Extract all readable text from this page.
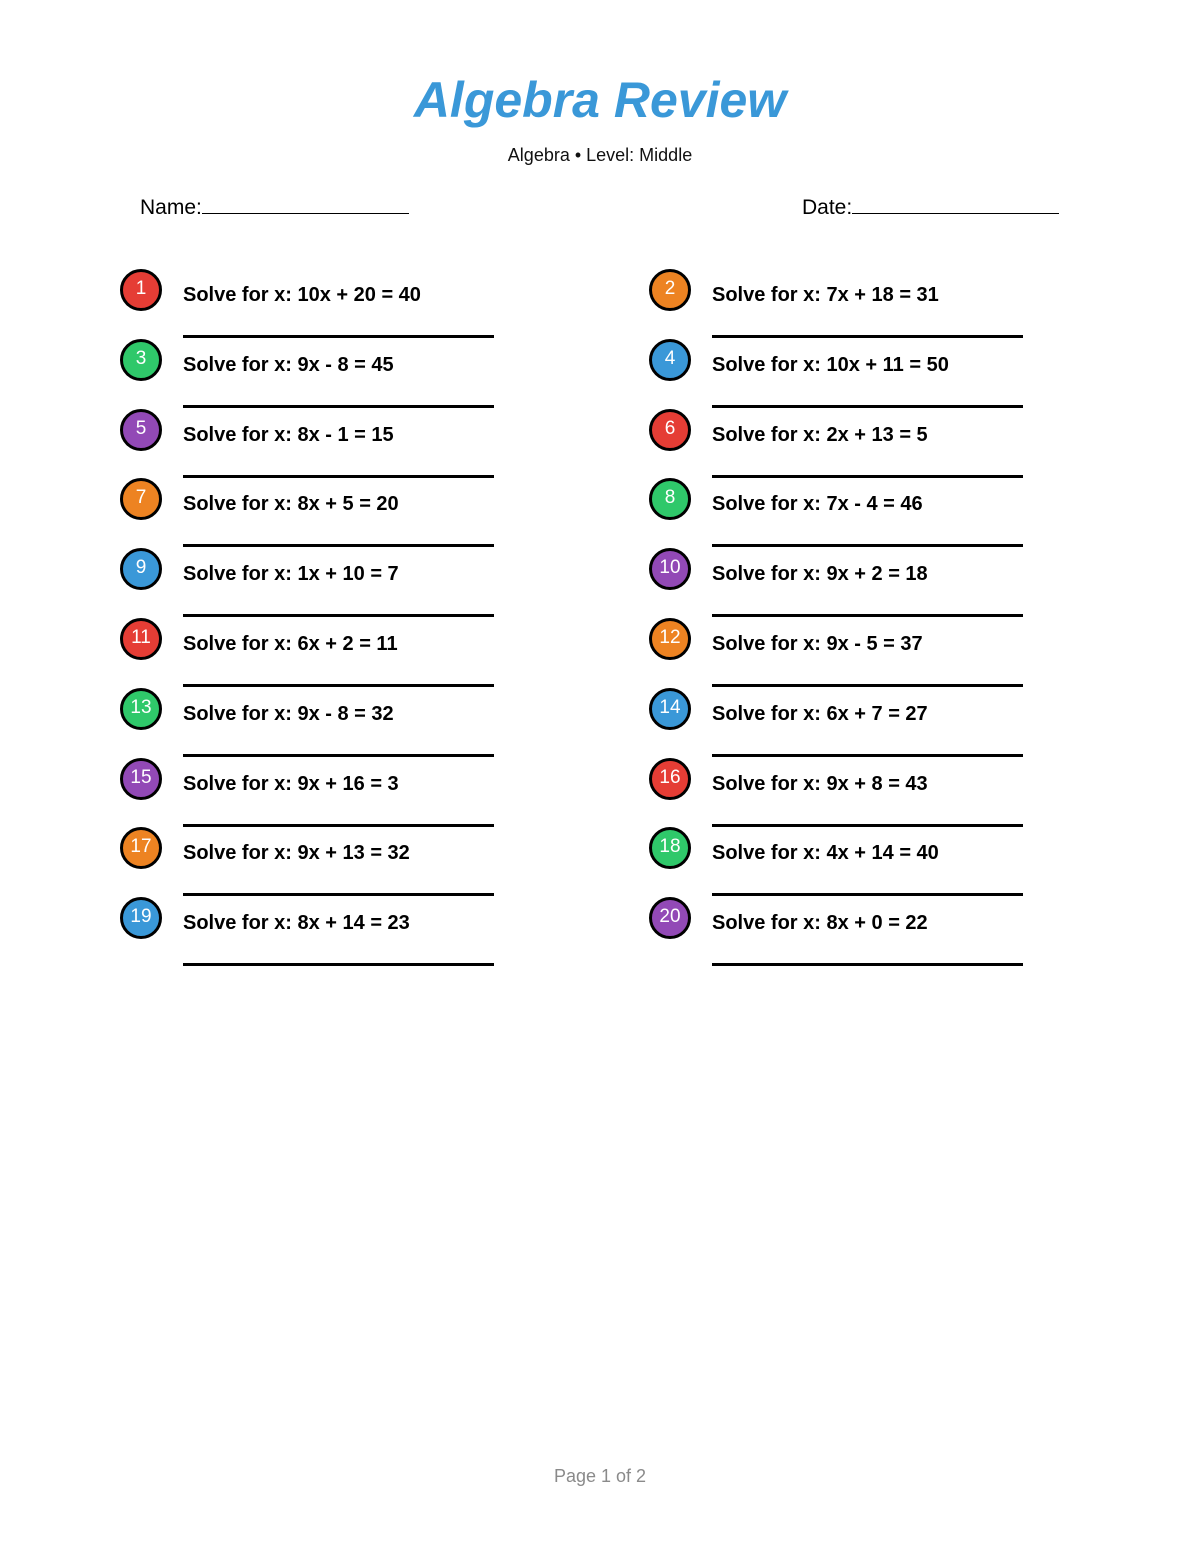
Algebra Review
Algebra • Level: Middle
Name:	Date:
1	Solve for x: 10x + 20 = 40	2	Solve for x: 7x + 18 = 31
3	Solve for x: 9x - 8 = 45	4	Solve for x: 10x + 11 = 50
5	Solve for x: 8x - 1 = 15	6	Solve for x: 2x + 13 = 5
7	Solve for x: 8x + 5 = 20	8	Solve for x: 7x - 4 = 46
9	Solve for x: 1x + 10 = 7	10	Solve for x: 9x + 2 = 18
11	Solve for x: 6x + 2 = 11	12	Solve for x: 9x - 5 = 37
13	Solve for x: 9x - 8 = 32	14	Solve for x: 6x + 7 = 27
15	Solve for x: 9x + 16 = 3	16	Solve for x: 9x + 8 = 43
17	Solve for x: 9x + 13 = 32	18	Solve for x: 4x + 14 = 40
19	Solve for x: 8x + 14 = 23	20	Solve for x: 8x + 0 = 22
Page 1 of 2
